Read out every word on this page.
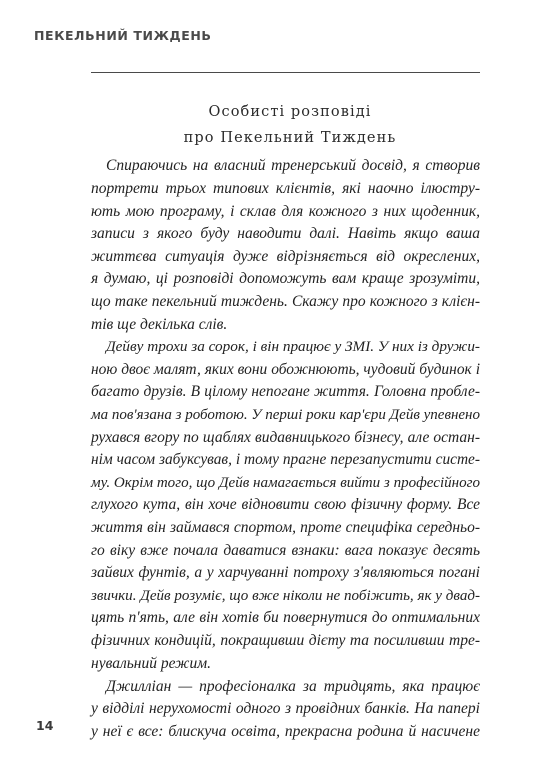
ПЕКЕЛЬНИЙ ТИЖДЕНЬ
Особисті розповіді
про Пекельний Тиждень
Спираючись на власний тренерський досвід, я створив
портрети трьох типових клієнтів, які наочно ілюстру-
ють мою програму, і склав для кожного з них щоденник,
записи з якого буду наводити далі. Навіть якщо ваша
життєва ситуація дуже відрізняється від окреслених,
я думаю, ці розповіді допоможуть вам краще зрозуміти,
що таке пекельний тиждень. Скажу про кожного з клієн-
тів ще декілька слів.
Дейву трохи за сорок, і він працює у ЗМІ. У них із дружи-
ною двоє малят, яких вони обожнюють, чудовий будинок і
багато друзів. В цілому непогане життя. Головна пробле-
ма пов'язана з роботою. У перші роки кар'єри Дейв упевнено
рухався вгору по щаблях видавницького бізнесу, але остан-
нім часом забуксував, і тому прагне перезапустити систе-
му. Окрім того, що Дейв намагається вийти з професійного
глухого кута, він хоче відновити свою фізичну форму. Все
життя він займався спортом, проте специфіка середньо-
го віку вже почала даватися взнаки: вага показує десять
зайвих фунтів, а у харчуванні потроху з'являються погані
звички. Дейв розуміє, що вже ніколи не побіжить, як у двад-
цять п'ять, але він хотів би повернутися до оптимальних
фізичних кондицій, покращивши дієту та посиливши тре-
нувальний режим.
Джилліан — професіоналка за тридцять, яка працює
у відділі нерухомості одного з провідних банків. На папері
у неї є все: блискуча освіта, прекрасна родина й насичене
14
